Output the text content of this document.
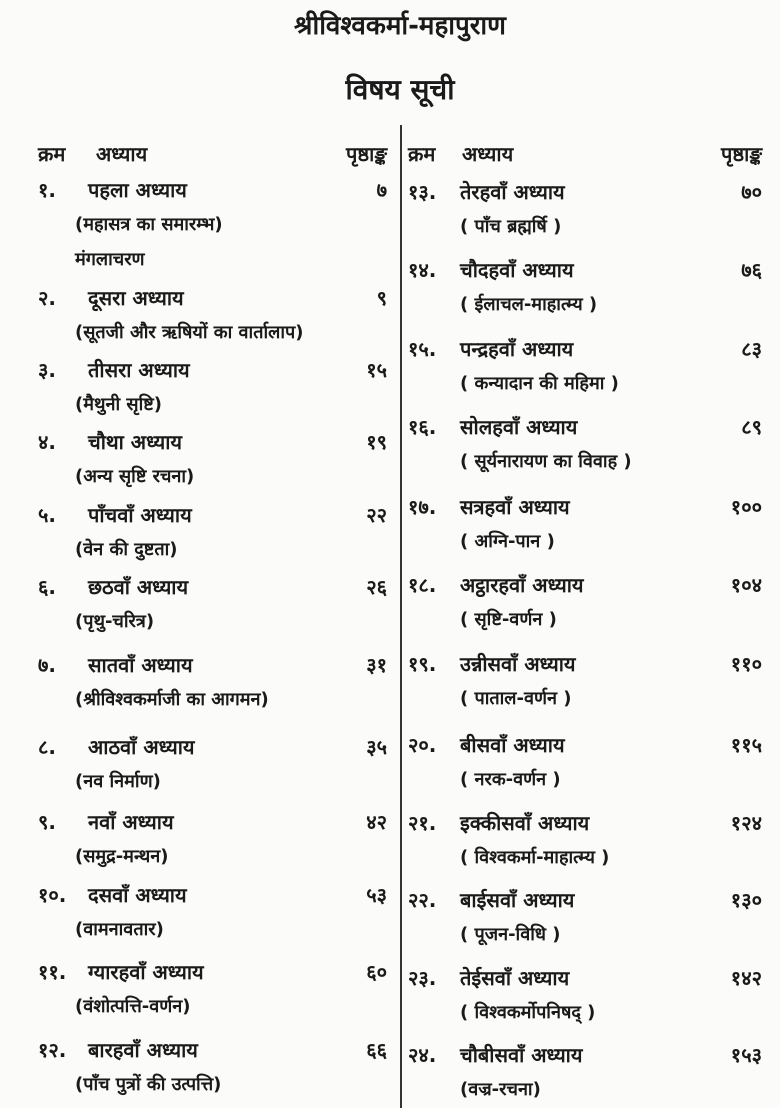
श्रीविश्वकर्मा-महापुराण
विषय सूची
क्रम अध्याय	पृष्ठाङ्क क्रम अध्याय	पृष्ठाङ्क
१. पहला अध्याय	७
(महासत्र का समारम्भ)
मंगलाचरण
२. दूसरा अध्याय	९
(सूतजी और ऋषियों का वार्तालाप)
३. तीसरा अध्याय	१५
(मैथुनी सृष्टि)
४. चौथा अध्याय	१९
(अन्य सृष्टि रचना)
५. पाँचवाँ अध्याय	२२
(वेन की दुष्टता)
६. छठवाँ अध्याय	२६
(पृथु-चरित्र)
७. सातवाँ अध्याय	३१
(श्रीविश्वकर्माजी का आगमन)
८. आठवाँ अध्याय	३५
(नव निर्माण)
९. नवाँ अध्याय	४२
(समुद्र-मन्थन)
१०. दसवाँ अध्याय	५३
(वामनावतार)
११. ग्यारहवाँ अध्याय	६०
(वंशोत्पत्ति-वर्णन)
१२. बारहवाँ अध्याय	६६
(पाँच पुत्रों की उत्पत्ति)
१३. तेरहवाँ अध्याय	७०
( पाँच ब्रह्मर्षि )
१४. चौदहवाँ अध्याय	७६
( ईलाचल-माहात्म्य )
१५. पन्द्रहवाँ अध्याय	८३
( कन्यादान की महिमा )
१६. सोलहवाँ अध्याय	८९
( सूर्यनारायण का विवाह )
१७. सत्रहवाँ अध्याय	१००
( अग्नि-पान )
१८. अट्ठारहवाँ अध्याय	१०४
( सृष्टि-वर्णन )
१९. उन्नीसवाँ अध्याय	११०
( पाताल-वर्णन )
२०. बीसवाँ अध्याय	११५
( नरक-वर्णन )
२१. इक्कीसवाँ अध्याय	१२४
( विश्वकर्मा-माहात्म्य )
२२. बाईसवाँ अध्याय	१३०
( पूजन-विधि )
२३. तेईसवाँ अध्याय	१४२
( विश्वकर्मोपनिषद् )
२४. चौबीसवाँ अध्याय	१५३
(वज्र-रचना)
